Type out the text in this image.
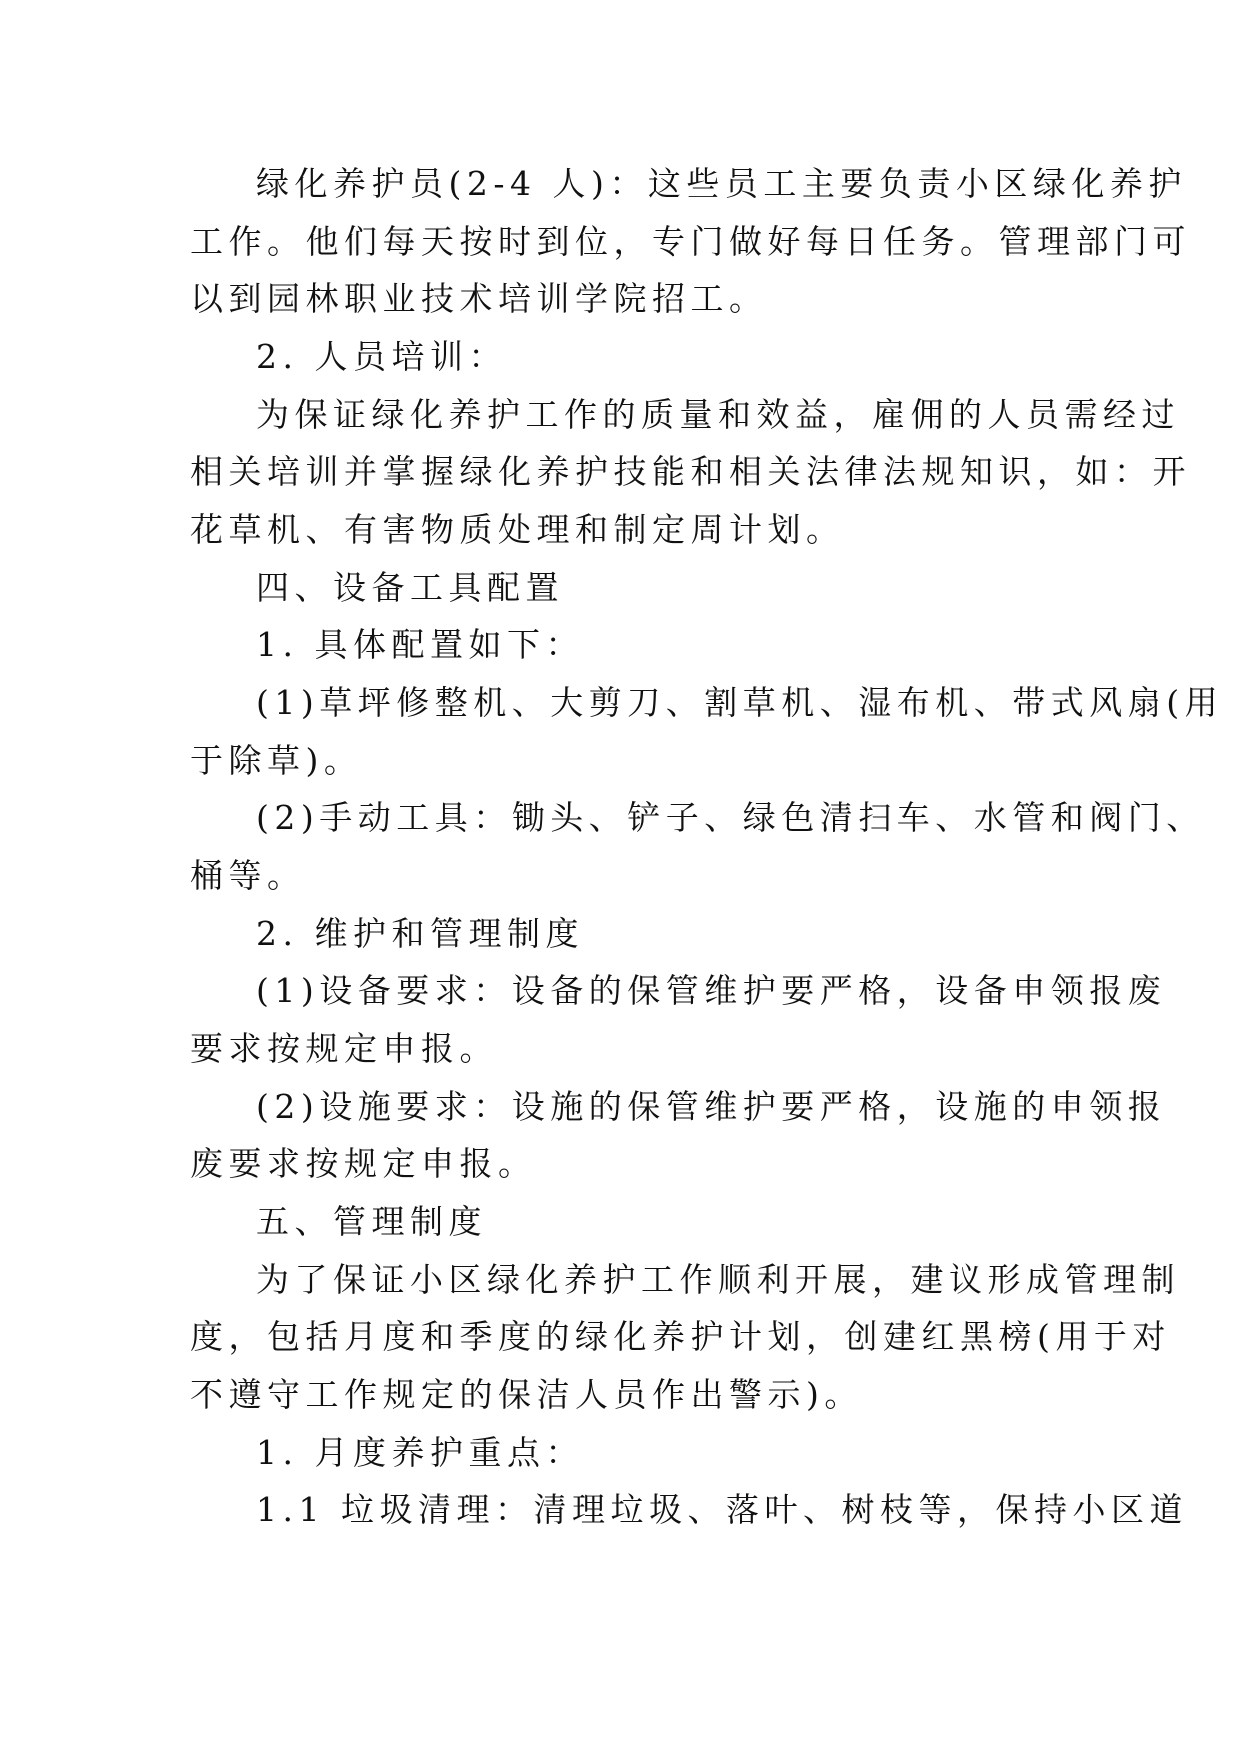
绿化养护员(2-4 人)：这些员工主要负责小区绿化养护
工作。他们每天按时到位，专门做好每日任务。管理部门可
以到园林职业技术培训学院招工。
2. 人员培训：
为保证绿化养护工作的质量和效益，雇佣的人员需经过
相关培训并掌握绿化养护技能和相关法律法规知识，如：开
花草机、有害物质处理和制定周计划。
四、设备工具配置
1. 具体配置如下：
(1)草坪修整机、大剪刀、割草机、湿布机、带式风扇(用
于除草)。
(2)手动工具：锄头、铲子、绿色清扫车、水管和阀门、
桶等。
2. 维护和管理制度
(1)设备要求：设备的保管维护要严格，设备申领报废
要求按规定申报。
(2)设施要求：设施的保管维护要严格，设施的申领报
废要求按规定申报。
五、管理制度
为了保证小区绿化养护工作顺利开展，建议形成管理制
度，包括月度和季度的绿化养护计划，创建红黑榜(用于对
不遵守工作规定的保洁人员作出警示)。
1. 月度养护重点：
1.1 垃圾清理：清理垃圾、落叶、树枝等，保持小区道
